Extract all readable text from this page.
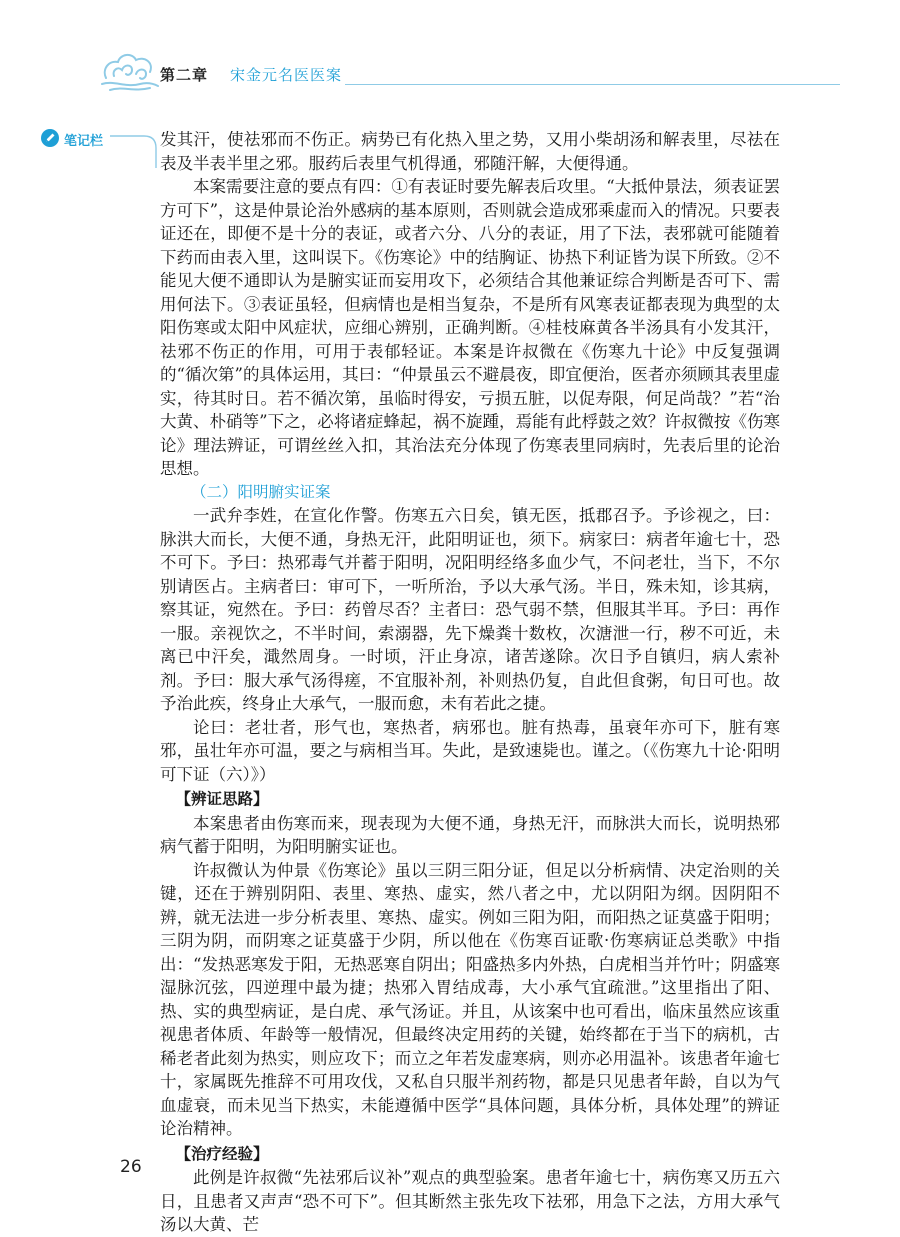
第二章 宋金元名医医案
笔记栏	发其汗，使祛邪而不伤正。病势已有化热入里之势，又用小柴胡汤和解表里，尽祛在表及半表半里之邪。服药后表里气机得通，邪随汗解，大便得通。

本案需要注意的要点有四：①有表证时要先解表后攻里。“大抵仲景法，须表证罢方可下”，这是仲景论治外感病的基本原则，否则就会造成邪乘虚而入的情况。只要表证还在，即便不是十分的表证，或者六分、八分的表证，用了下法，表邪就可能随着下药而由表入里，这叫误下。《伤寒论》中的结胸证、协热下利证皆为误下所致。②不能见大便不通即认为是腑实证而妄用攻下，必须结合其他兼证综合判断是否可下、需用何法下。③表证虽轻，但病情也是相当复杂，不是所有风寒表证都表现为典型的太阳伤寒或太阳中风症状，应细心辨别，正确判断。④桂枝麻黄各半汤具有小发其汗，祛邪不伤正的作用，可用于表郁轻证。本案是许叔微在《伤寒九十论》中反复强调的“循次第”的具体运用，其曰：“仲景虽云不避晨夜，即宜便治，医者亦须顾其表里虚实，待其时日。若不循次第，虽临时得安，亏损五脏，以促寿限，何足尚哉？”若“治大黄、朴硝等”下之，必将诸症蜂起，祸不旋踵，焉能有此桴鼓之效？许叔微按《伤寒论》理法辨证，可谓丝丝入扣，其治法充分体现了伤寒表里同病时，先表后里的论治思想。

（二）阳明腑实证案

一武弁李姓，在宣化作警。伤寒五六日矣，镇无医，抵郡召予。予诊视之，曰：脉洪大而长，大便不通，身热无汗，此阳明证也，须下。病家曰：病者年逾七十，恐不可下。予曰：热邪毒气并蓄于阳明，况阳明经络多血少气，不问老壮，当下，不尔别请医占。主病者曰：审可下，一听所治，予以大承气汤。半日，殊未知，诊其病，察其证，宛然在。予曰：药曾尽否？主者曰：恐气弱不禁，但服其半耳。予曰：再作一服。亲视饮之，不半时间，索溺器，先下燥粪十数枚，次溏泄一行，秽不可近，未离已中汗矣，濈然周身。一时顷，汗止身凉，诸苦遂除。次日予自镇归，病人索补剂。予曰：服大承气汤得瘥，不宜服补剂，补则热仍复，自此但食粥，旬日可也。故予治此疾，终身止大承气，一服而愈，未有若此之捷。

论曰：老壮者，形气也，寒热者，病邪也。脏有热毒，虽衰年亦可下，脏有寒邪，虽壮年亦可温，要之与病相当耳。失此，是致速毙也。谨之。（《伤寒九十论·阳明可下证（六）》）

【辨证思路】

本案患者由伤寒而来，现表现为大便不通，身热无汗，而脉洪大而长，说明热邪病气蓄于阳明，为阳明腑实证也。

许叔微认为仲景《伤寒论》虽以三阴三阳分证，但足以分析病情、决定治则的关键，还在于辨别阴阳、表里、寒热、虚实，然八者之中，尤以阴阳为纲。因阴阳不辨，就无法进一步分析表里、寒热、虚实。例如三阳为阳，而阳热之证莫盛于阳明；三阴为阴，而阴寒之证莫盛于少阴，所以他在《伤寒百证歌·伤寒病证总类歌》中指出：“发热恶寒发于阳，无热恶寒自阴出；阳盛热多内外热，白虎相当并竹叶；阴盛寒湿脉沉弦，四逆理中最为捷；热邪入胃结成毒，大小承气宜疏泄。”这里指出了阳、热、实的典型病证，是白虎、承气汤证。并且，从该案中也可看出，临床虽然应该重视患者体质、年龄等一般情况，但最终决定用药的关键，始终都在于当下的病机，古稀老者此刻为热实，则应攻下；而立之年若发虚寒病，则亦必用温补。该患者年逾七十，家属既先推辞不可用攻伐，又私自只服半剂药物，都是只见患者年龄，自以为气血虚衰，而未见当下热实，未能遵循中医学“具体问题，具体分析，具体处理”的辨证论治精神。

【治疗经验】

此例是许叔微“先祛邪后议补”观点的典型验案。患者年逾七十，病伤寒又历五六日，且患者又声声“恐不可下”。但其断然主张先攻下祛邪，用急下之法，方用大承气汤以大黄、芒

26
